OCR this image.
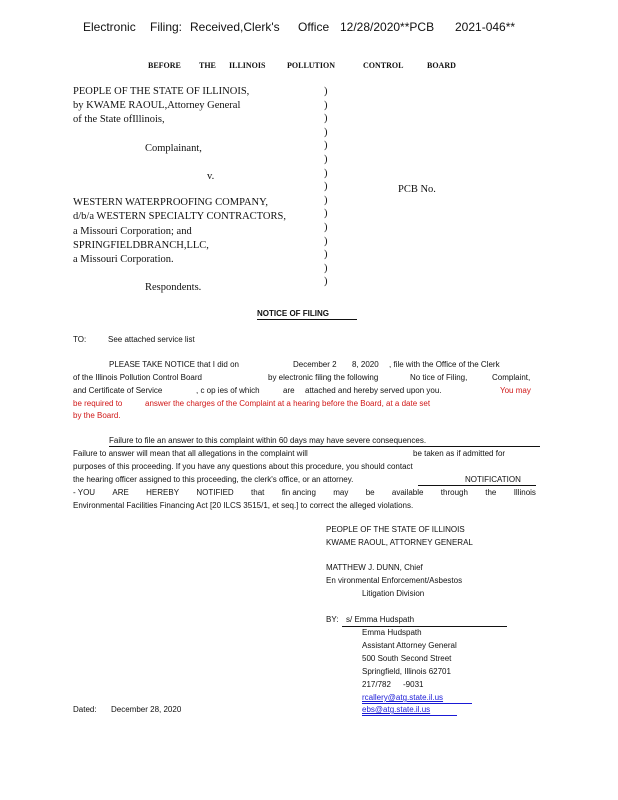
Electronic Filing: Received,Clerk's Office 12/28/2020**PCB 2021-046**
BEFORE THE ILLINOIS	POLLUTION	CONTROL	BOARD
PEOPLE OF THE STATE OF ILLINOIS,
by KWAME RAOUL,Attorney General
of the State ofIllinois,
Complainant,
v.
WESTERN WATERPROOFING COMPANY,
d/b/a WESTERN SPECIALTY CONTRACTORS,
a Missouri Corporation; and
SPRINGFIELDBRANCH,LLC,
a Missouri Corporation.
Respondents.
)
)
)
)
)
)
)
)
)
)
)
)
)
)
)
PCB No.
NOTICE OF FILING
TO:	See attached service list
PLEASE TAKE NOTICE that I did on	December 2 8, 2020 , file with the Office of the Clerk
of the Illinois Pollution Control Board	by electronic filing the following	No tice of Filing,	Complaint,
and Certificate of Service	, c op ies of which	are attached and hereby served upon you.	You may
be required to	answer the charges of the Complaint at a hearing before the Board, at a date set
by the Board.
Failure to file an answer to this complaint within 60 days may have severe consequences.
Failure to answer will mean that all allegations in the complaint will	be taken as if admitted for
purposes of this proceeding. If you have any questions about this procedure, you should contact
the hearing officer assigned to this proceeding, the clerk's office, or an attorney.	NOTIFICATION
- YOU ARE HEREBY NOTIFIED that fin ancing may be available through the Illinois
Environmental Facilities Financing Act [20 ILCS 3515/1, et seq.] to correct the alleged violations.
PEOPLE OF THE STATE OF ILLINOIS
KWAME RAOUL, ATTORNEY GENERAL
MATTHEW J. DUNN, Chief
En vironmental Enforcement/Asbestos
Litigation Division
BY: s/ Emma Hudspath
Emma Hudspath
Assistant Attorney General
500 South Second Street
Springfield, Illinois 62701
217/782 -9031
rcallery@atg.state.il.us
ebs@atg.state.il.us
Dated: December 28, 2020
